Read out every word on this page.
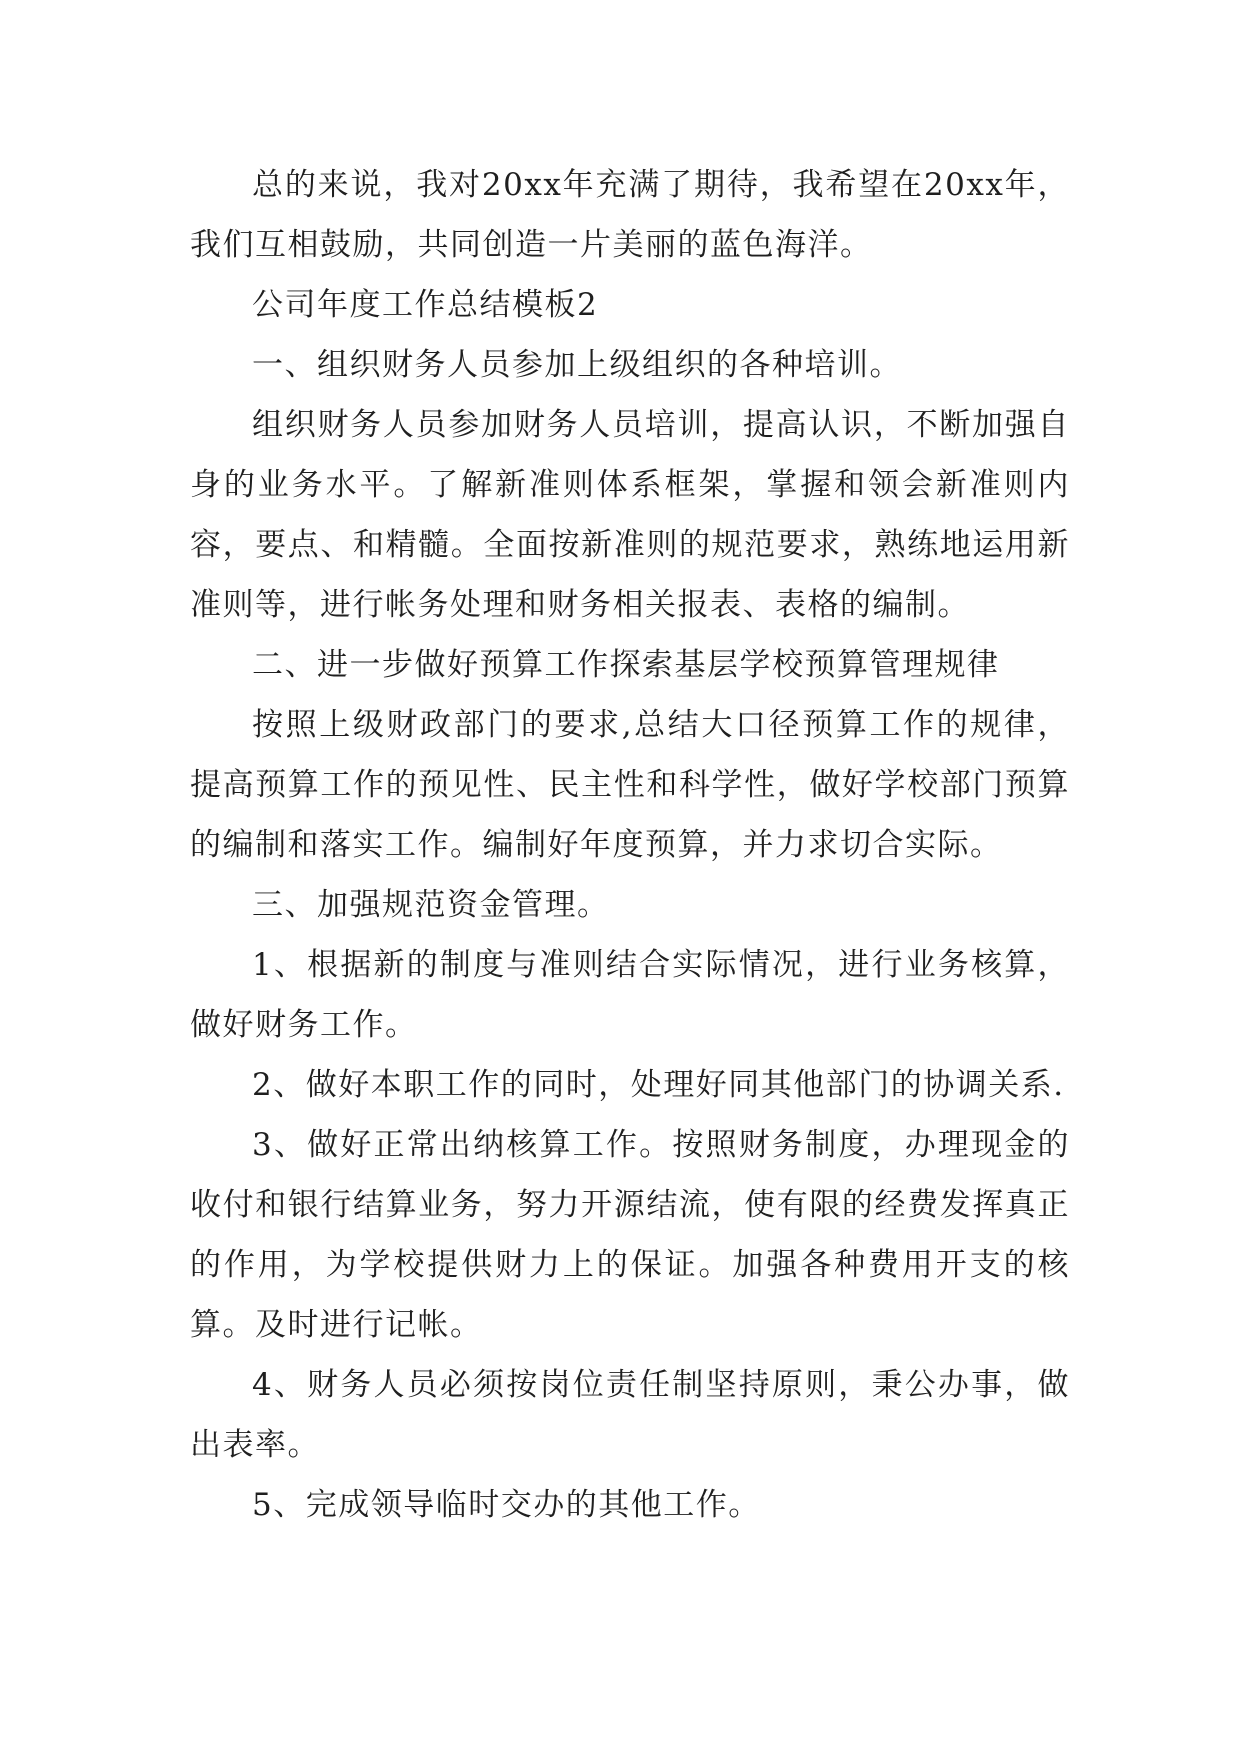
总的来说，我对20xx年充满了期待，我希望在20xx年，我们互相鼓励，共同创造一片美丽的蓝色海洋。

公司年度工作总结模板2

一、组织财务人员参加上级组织的各种培训。

组织财务人员参加财务人员培训，提高认识，不断加强自身的业务水平。了解新准则体系框架，掌握和领会新准则内容，要点、和精髓。全面按新准则的规范要求，熟练地运用新准则等，进行帐务处理和财务相关报表、表格的编制。

二、进一步做好预算工作探索基层学校预算管理规律

按照上级财政部门的要求,总结大口径预算工作的规律，提高预算工作的预见性、民主性和科学性，做好学校部门预算的编制和落实工作。编制好年度预算，并力求切合实际。

三、加强规范资金管理。

1、根据新的制度与准则结合实际情况，进行业务核算，做好财务工作。

2、做好本职工作的同时，处理好同其他部门的协调关系.

3、做好正常出纳核算工作。按照财务制度，办理现金的收付和银行结算业务，努力开源结流，使有限的经费发挥真正的作用，为学校提供财力上的保证。加强各种费用开支的核算。及时进行记帐。

4、财务人员必须按岗位责任制坚持原则，秉公办事，做出表率。

5、完成领导临时交办的其他工作。
